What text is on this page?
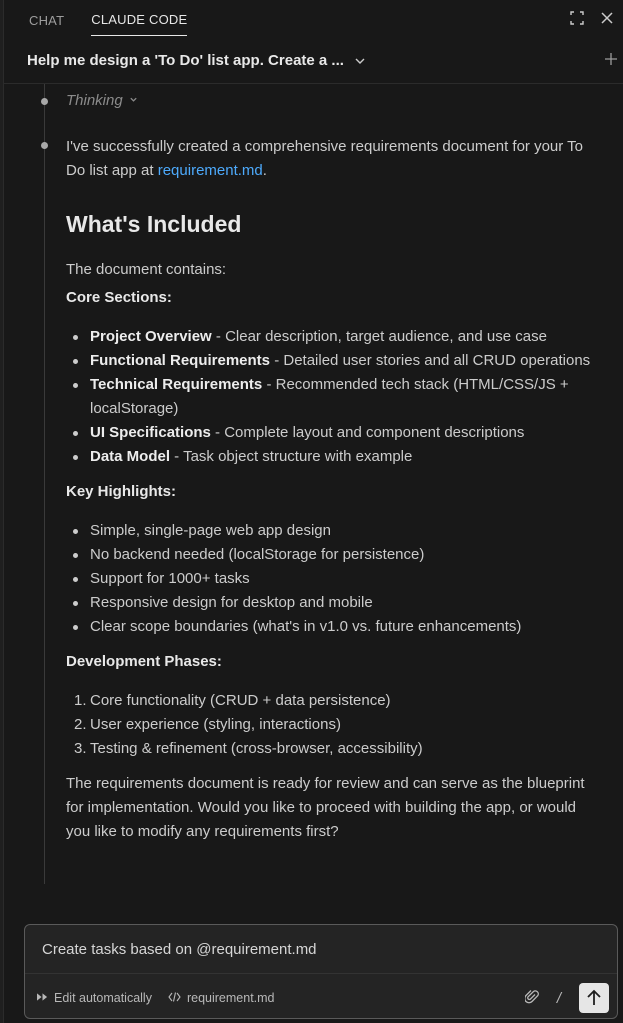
CHAT CLAUDE CODE
Help me design a 'To Do' list app. Create a ...
Thinking
I've successfully created a comprehensive requirements document for your To Do list app at requirement.md.
What's Included
The document contains:
Core Sections:
Project Overview - Clear description, target audience, and use case
Functional Requirements - Detailed user stories and all CRUD operations
Technical Requirements - Recommended tech stack (HTML/CSS/JS + localStorage)
UI Specifications - Complete layout and component descriptions
Data Model - Task object structure with example
Key Highlights:
Simple, single-page web app design
No backend needed (localStorage for persistence)
Support for 1000+ tasks
Responsive design for desktop and mobile
Clear scope boundaries (what's in v1.0 vs. future enhancements)
Development Phases:
1. Core functionality (CRUD + data persistence)
2. User experience (styling, interactions)
3. Testing & refinement (cross-browser, accessibility)
The requirements document is ready for review and can serve as the blueprint for implementation. Would you like to proceed with building the app, or would you like to modify any requirements first?
Create tasks based on @requirement.md
Edit automatically	requirement.md	/
